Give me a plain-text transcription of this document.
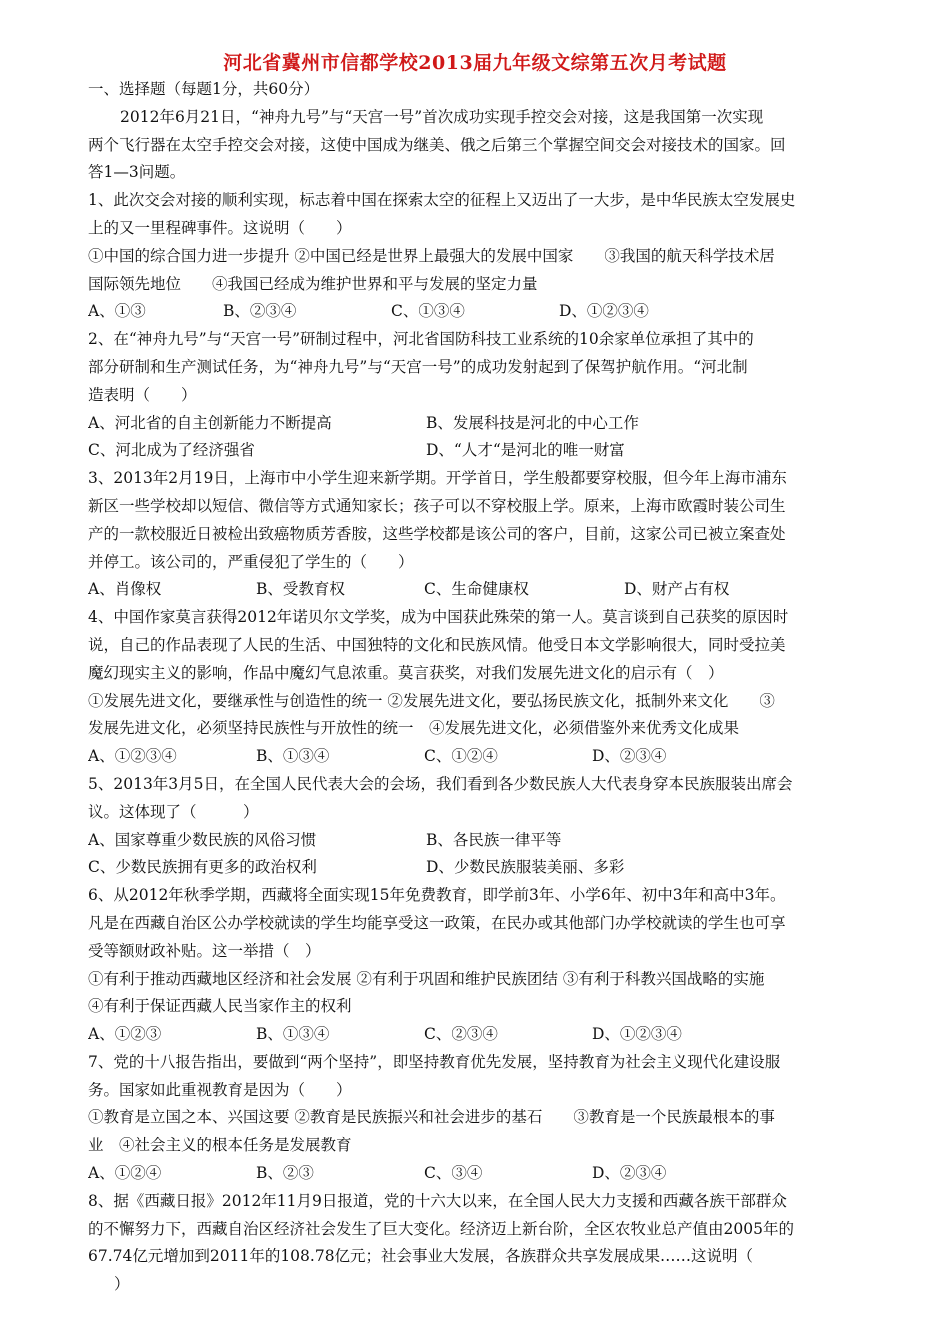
河北省冀州市信都学校2013届九年级文综第五次月考试题
一、选择题（每题1分，共60分）
2012年6月21日，“神舟九号”与“天宫一号”首次成功实现手控交会对接，这是我国第一次实现
两个飞行器在太空手控交会对接，这使中国成为继美、俄之后第三个掌握空间交会对接技术的国家。回
答1—3问题。
1、此次交会对接的顺利实现，标志着中国在探索太空的征程上又迈出了一大步，是中华民族太空发展史
上的又一里程碑事件。这说明（　　）
①中国的综合国力进一步提升 ②中国已经是世界上最强大的发展中国家　　③我国的航天科学技术居
国际领先地位　　④我国已经成为维护世界和平与发展的坚定力量
A、①③	B、②③④	C、①③④	D、①②③④
2、在“神舟九号”与“天宫一号”研制过程中，河北省国防科技工业系统的10余家单位承担了其中的
部分研制和生产测试任务，为“神舟九号”与“天宫一号”的成功发射起到了保驾护航作用。“河北制
造表明（　　）
A、河北省的自主创新能力不断提高	B、发展科技是河北的中心工作
C、河北成为了经济强省	D、“人才“是河北的唯一财富
3、2013年2月19日，上海市中小学生迎来新学期。开学首日，学生般都要穿校服，但今年上海市浦东
新区一些学校却以短信、微信等方式通知家长；孩子可以不穿校服上学。原来，上海市欧霞时装公司生
产的一款校服近日被检出致癌物质芳香胺，这些学校都是该公司的客户，目前，这家公司已被立案查处
并停工。该公司的，严重侵犯了学生的（　　）
A、肖像权	B、受教育权	C、生命健康权	D、财产占有权
4、中国作家莫言获得2012年诺贝尔文学奖，成为中国获此殊荣的第一人。莫言谈到自己获奖的原因时
说，自己的作品表现了人民的生活、中国独特的文化和民族风情。他受日本文学影响很大，同时受拉美
魔幻现实主义的影响，作品中魔幻气息浓重。莫言获奖，对我们发展先进文化的启示有（　）
①发展先进文化，要继承性与创造性的统一 ②发展先进文化，要弘扬民族文化，抵制外来文化　　③
发展先进文化，必须坚持民族性与开放性的统一　④发展先进文化，必须借鉴外来优秀文化成果
A、①②③④	B、①③④	C、①②④	D、②③④
5、2013年3月5日，在全国人民代表大会的会场，我们看到各少数民族人大代表身穿本民族服装出席会
议。这体现了（　　　）
A、国家尊重少数民族的风俗习惯	B、各民族一律平等
C、少数民族拥有更多的政治权利	D、少数民族服装美丽、多彩
6、从2012年秋季学期，西藏将全面实现15年免费教育，即学前3年、小学6年、初中3年和高中3年。
凡是在西藏自治区公办学校就读的学生均能享受这一政策，在民办或其他部门办学校就读的学生也可享
受等额财政补贴。这一举措（　）
①有利于推动西藏地区经济和社会发展 ②有利于巩固和维护民族团结 ③有利于科教兴国战略的实施
④有利于保证西藏人民当家作主的权利
A、①②③	B、①③④	C、②③④	D、①②③④
7、党的十八报告指出，要做到“两个坚持”，即坚持教育优先发展，坚持教育为社会主义现代化建设服
务。国家如此重视教育是因为（　　）
①教育是立国之本、兴国这要 ②教育是民族振兴和社会进步的基石　　③教育是一个民族最根本的事
业　④社会主义的根本任务是发展教育
A、①②④	B、②③	C、③④	D、②③④
8、据《西藏日报》2012年11月9日报道，党的十六大以来，在全国人民大力支援和西藏各族干部群众
的不懈努力下，西藏自治区经济社会发生了巨大变化。经济迈上新台阶，全区农牧业总产值由2005年的
67.74亿元增加到2011年的108.78亿元；社会事业大发展，各族群众共享发展成果……这说明（
）
